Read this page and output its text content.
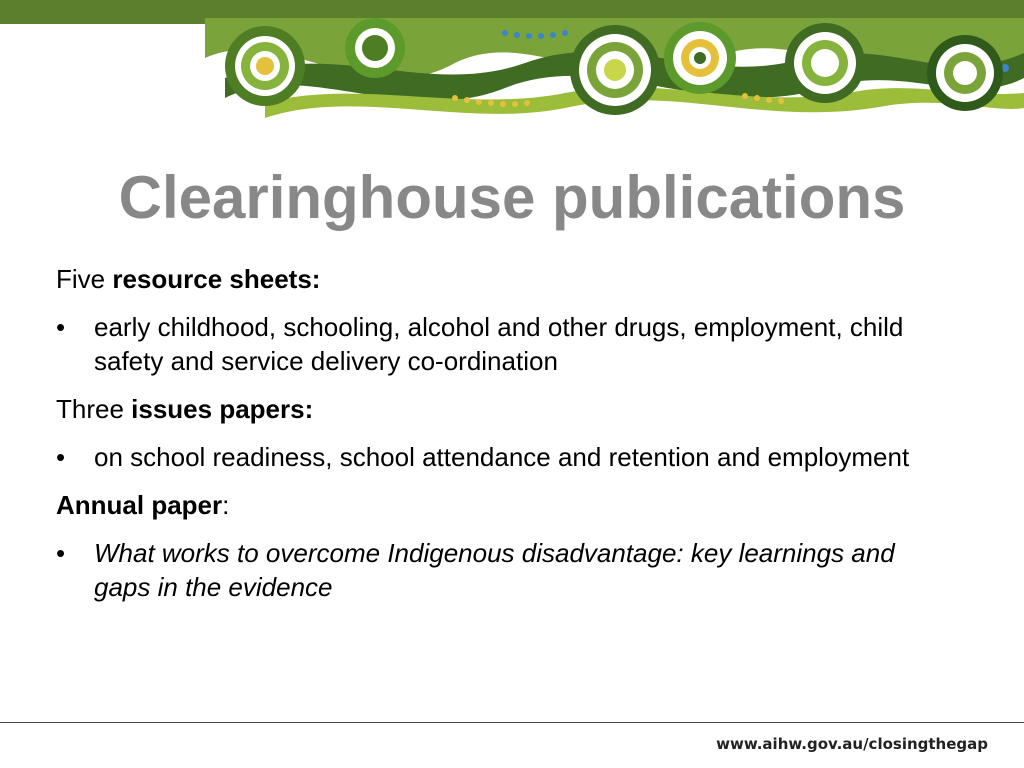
Clearinghouse publications

Five resource sheets:

• early childhood, schooling, alcohol and other drugs, employment, child safety and service delivery co-ordination

Three issues papers:

• on school readiness, school attendance and retention and employment

Annual paper:

• What works to overcome Indigenous disadvantage: key learnings and gaps in the evidence

www.aihw.gov.au/closingthegap
